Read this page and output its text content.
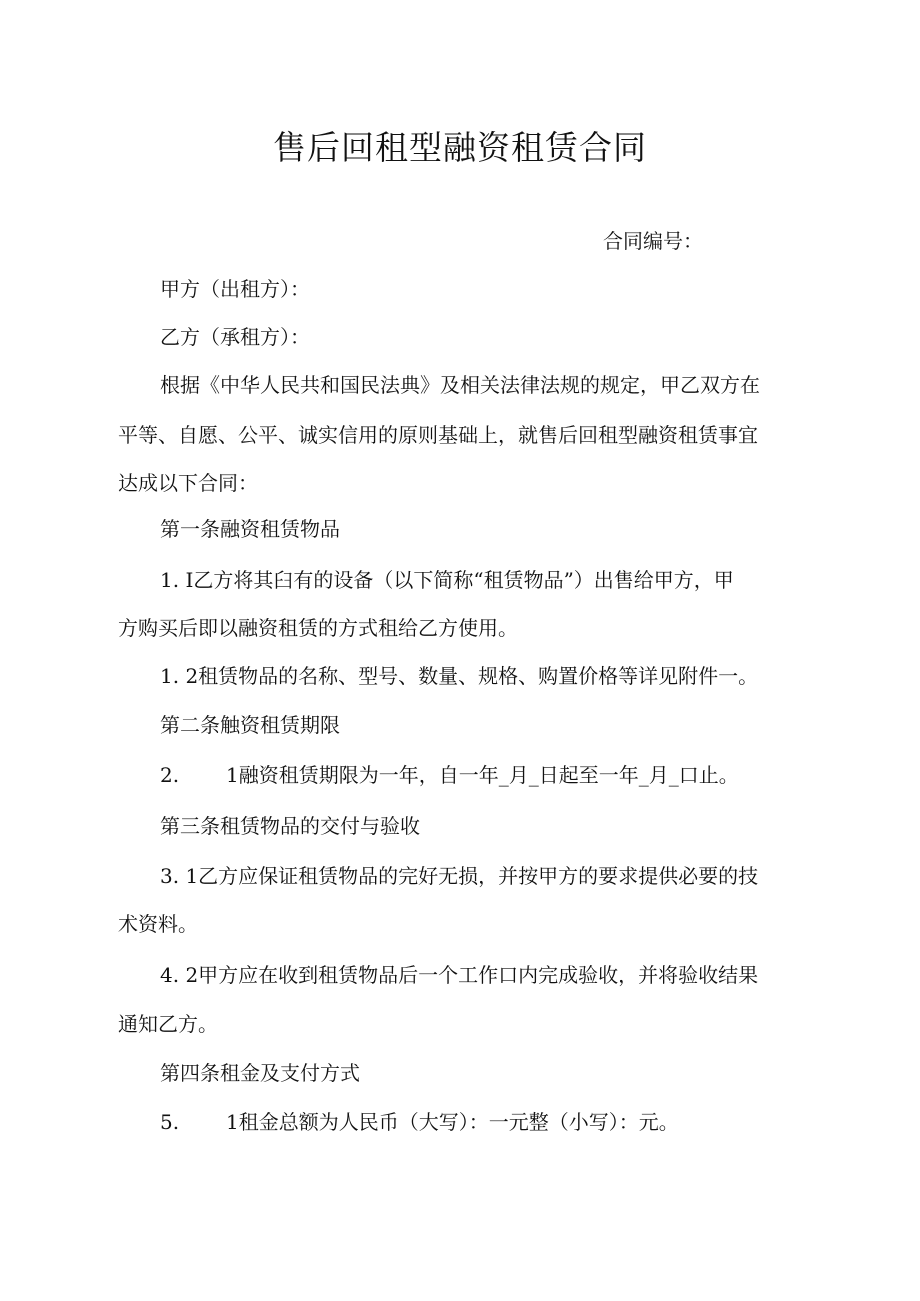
售后回租型融资租赁合同
合同编号：
甲方（出租方）：
乙方（承租方）：
根据《中华人民共和国民法典》及相关法律法规的规定，甲乙双方在
平等、自愿、公平、诚实信用的原则基础上，就售后回租型融资租赁事宜
达成以下合同：
第一条融资租赁物品
1. I乙方将其臼有的设备（以下简称“租赁物品”）出售给甲方，甲
方购买后即以融资租赁的方式租给乙方使用。
1. 2租赁物品的名称、型号、数量、规格、购置价格等详见附件一。
第二条触资租赁期限
2. 1融资租赁期限为一年，自一年_月_日起至一年_月_口止。
第三条租赁物品的交付与验收
3. 1乙方应保证租赁物品的完好无损，并按甲方的要求提供必要的技
术资料。
4. 2甲方应在收到租赁物品后一个工作口内完成验收，并将验收结果
通知乙方。
第四条租金及支付方式
5. 1租金总额为人民币（大写）：一元整（小写）：元。
